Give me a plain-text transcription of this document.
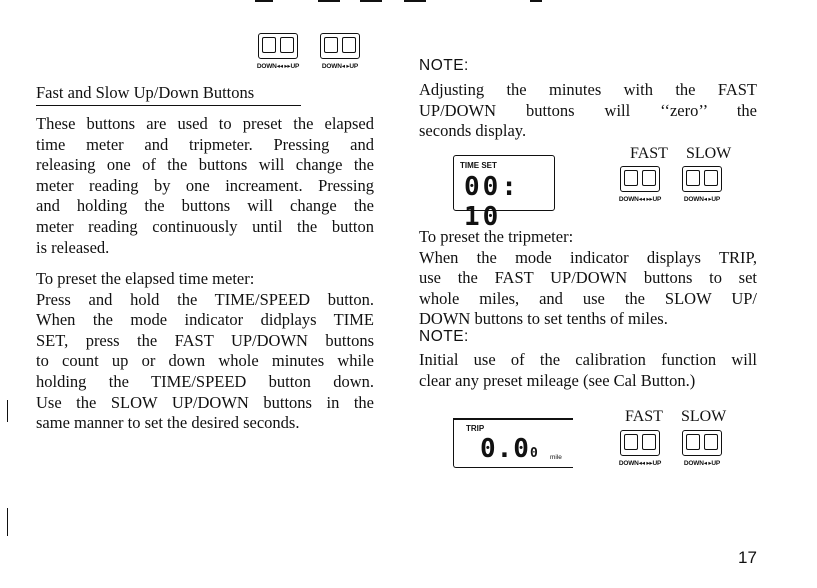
DOWN◂◂ ▸▸UP	DOWN◂ ▸UP
Fast and Slow Up/Down Buttons
These buttons are used to preset the elapsed
time meter and tripmeter. Pressing and
releasing one of the buttons will change the
meter reading by one increament. Pressing
and holding the buttons will change the
meter reading continuously until the button
is released.
To preset the elapsed time meter:
Press and hold the TIME/SPEED button.
When the mode indicator didplays TIME
SET, press the FAST UP/DOWN buttons
to count up or down whole minutes while
holding the TIME/SPEED button down.
Use the SLOW UP/DOWN buttons in the
same manner to set the desired seconds.
NOTE:
Adjusting the minutes with the FAST
UP/DOWN buttons will ‘‘zero’’ the
seconds display.
TIME SET
00: 10
FAST SLOW
DOWN◂◂ ▸▸UP	DOWN◂ ▸UP
To preset the tripmeter:
When the mode indicator displays TRIP,
use the FAST UP/DOWN buttons to set
whole miles, and use the SLOW UP/
DOWN buttons to set tenths of miles.
NOTE:
Initial use of the calibration function will
clear any preset mileage (see Cal Button.)
TRIP
0.0 0 mile
FAST SLOW
DOWN◂◂ ▸▸UP	DOWN◂ ▸UP
17
